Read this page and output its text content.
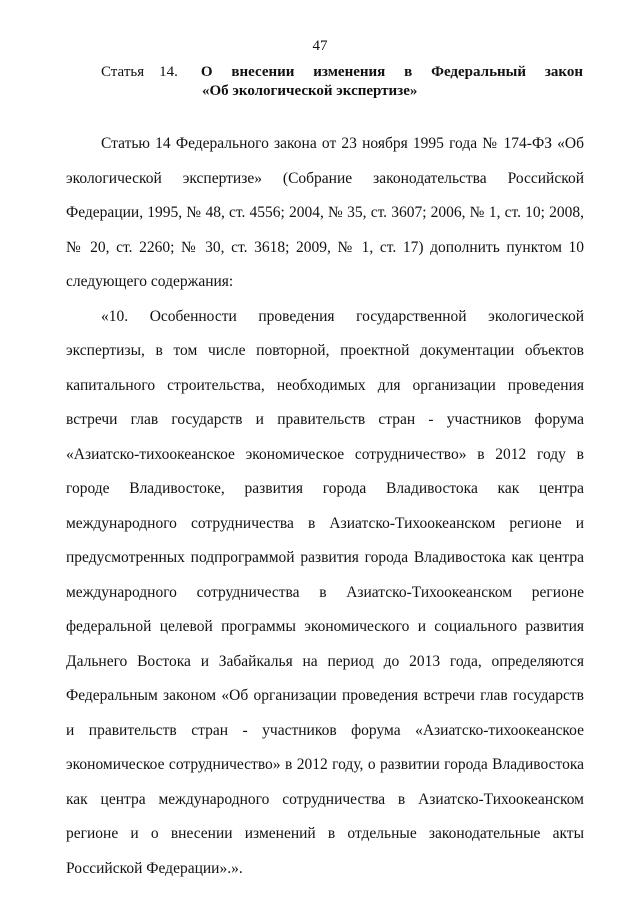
47
Статья 14. О внесении изменения в Федеральный закон
«Об экологической экспертизе»

Статью 14 Федерального закона от 23 ноября 1995 года № 174-ФЗ «Об экологической экспертизе» (Собрание законодательства Российской Федерации, 1995, № 48, ст. 4556; 2004, № 35, ст. 3607; 2006, № 1, ст. 10; 2008, № 20, ст. 2260; № 30, ст. 3618; 2009, № 1, ст. 17) дополнить пунктом 10 следующего содержания:

«10. Особенности проведения государственной экологической экспертизы, в том числе повторной, проектной документации объектов капитального строительства, необходимых для организации проведения встречи глав государств и правительств стран - участников форума «Азиатско-тихоокеанское экономическое сотрудничество» в 2012 году в городе Владивостоке, развития города Владивостока как центра международного сотрудничества в Азиатско-Тихоокеанском регионе и предусмотренных подпрограммой развития города Владивостока как центра международного сотрудничества в Азиатско-Тихоокеанском регионе федеральной целевой программы экономического и социального развития Дальнего Востока и Забайкалья на период до 2013 года, определяются Федеральным законом «Об организации проведения встречи глав государств и правительств стран - участников форума «Азиатско-тихоокеанское экономическое сотрудничество» в 2012 году, о развитии города Владивостока как центра международного сотрудничества в Азиатско-Тихоокеанском регионе и о внесении изменений в отдельные законодательные акты Российской Федерации».».
